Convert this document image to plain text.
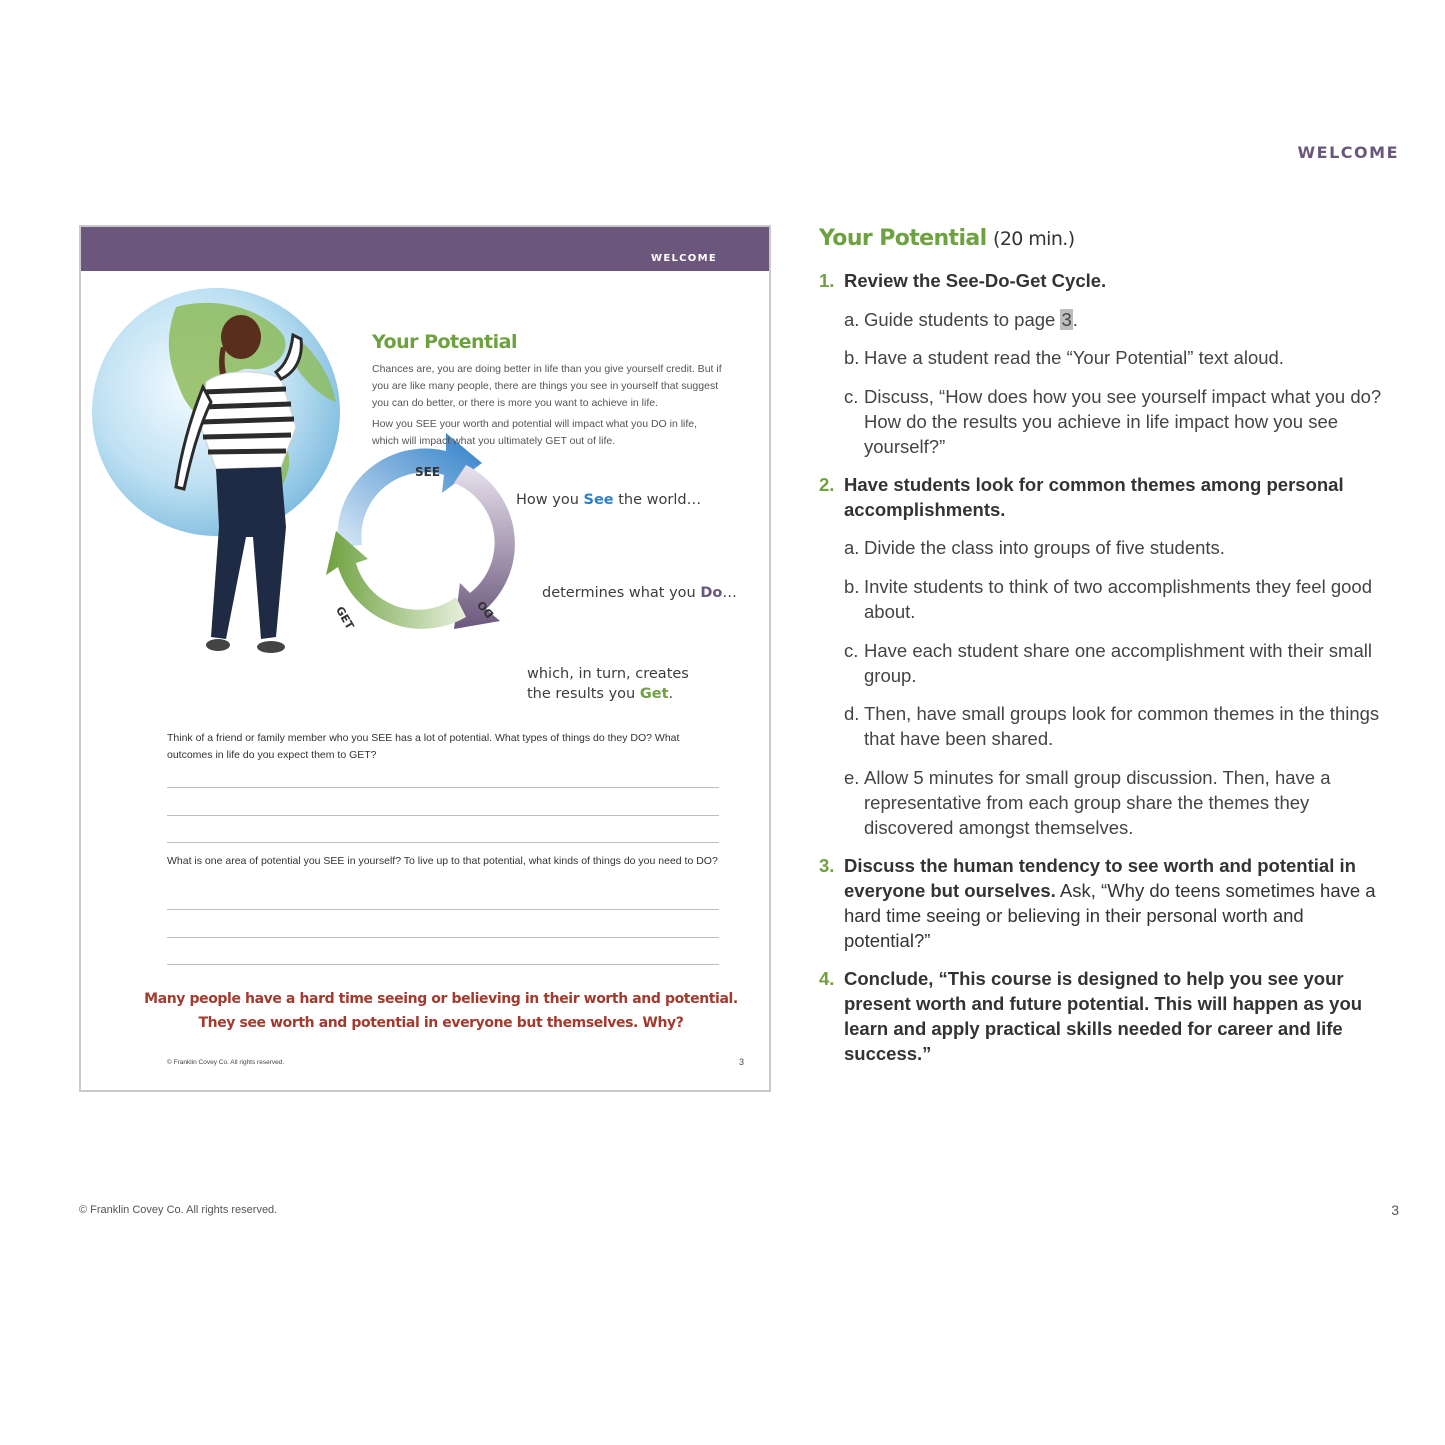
WELCOME
WELCOME
SEE
DO
GET
Your Potential

Chances are, you are doing better in life than you give yourself credit. But if you are like many people, there are things you see in yourself that suggest you can do better, or there is more you want to achieve in life.

How you SEE your worth and potential will impact what you DO in life, which will impact what you ultimately GET out of life.

How you See the world…
determines what you Do…
which, in turn, creates
the results you Get.

Think of a friend or family member who you SEE has a lot of potential. What types of things do they DO? What outcomes in life do you expect them to GET?

What is one area of potential you SEE in yourself? To live up to that potential, what kinds of things do you need to DO?

Many people have a hard time seeing or believing in their worth and potential.
They see worth and potential in everyone but themselves. Why?

© Franklin Covey Co. All rights reserved.	3
Your Potential (20 min.)
1. Review the See-Do-Get Cycle.
a. Guide students to page 3.
b. Have a student read the “Your Potential” text aloud.
c. Discuss, “How does how you see yourself impact what you do? How do the results you achieve in life impact how you see yourself?”
2. Have students look for common themes among personal accomplishments.
a. Divide the class into groups of five students.
b. Invite students to think of two accomplishments they feel good about.
c. Have each student share one accomplishment with their small group.
d. Then, have small groups look for common themes in the things that have been shared.
e. Allow 5 minutes for small group discussion. Then, have a representative from each group share the themes they discovered amongst themselves.
3. Discuss the human tendency to see worth and potential in everyone but ourselves. Ask, “Why do teens sometimes have a hard time seeing or believing in their personal worth and potential?”
4. Conclude, “This course is designed to help you see your present worth and future potential. This will happen as you learn and apply practical skills needed for career and life success.”
© Franklin Covey Co. All rights reserved.	3
